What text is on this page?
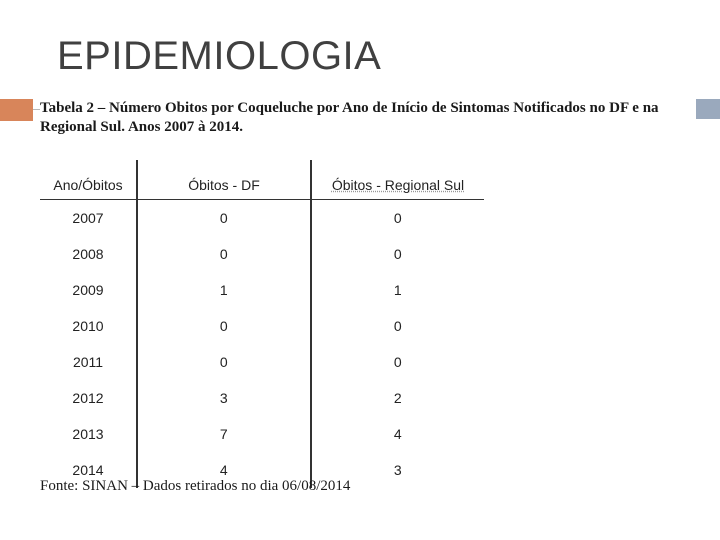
EPIDEMIOLOGIA
Tabela 2 – Número Obitos por Coqueluche por Ano de Início de Sintomas Notificados no DF e na Regional Sul. Anos 2007 à 2014.
Ano/Óbitos	Óbitos - DF	Óbitos - Regional Sul
2007	0	0
2008	0	0
2009	1	1
2010	0	0
2011	0	0
2012	3	2
2013	7	4
2014	4	3
Fonte: SINAN – Dados retirados no dia 06/08/2014
